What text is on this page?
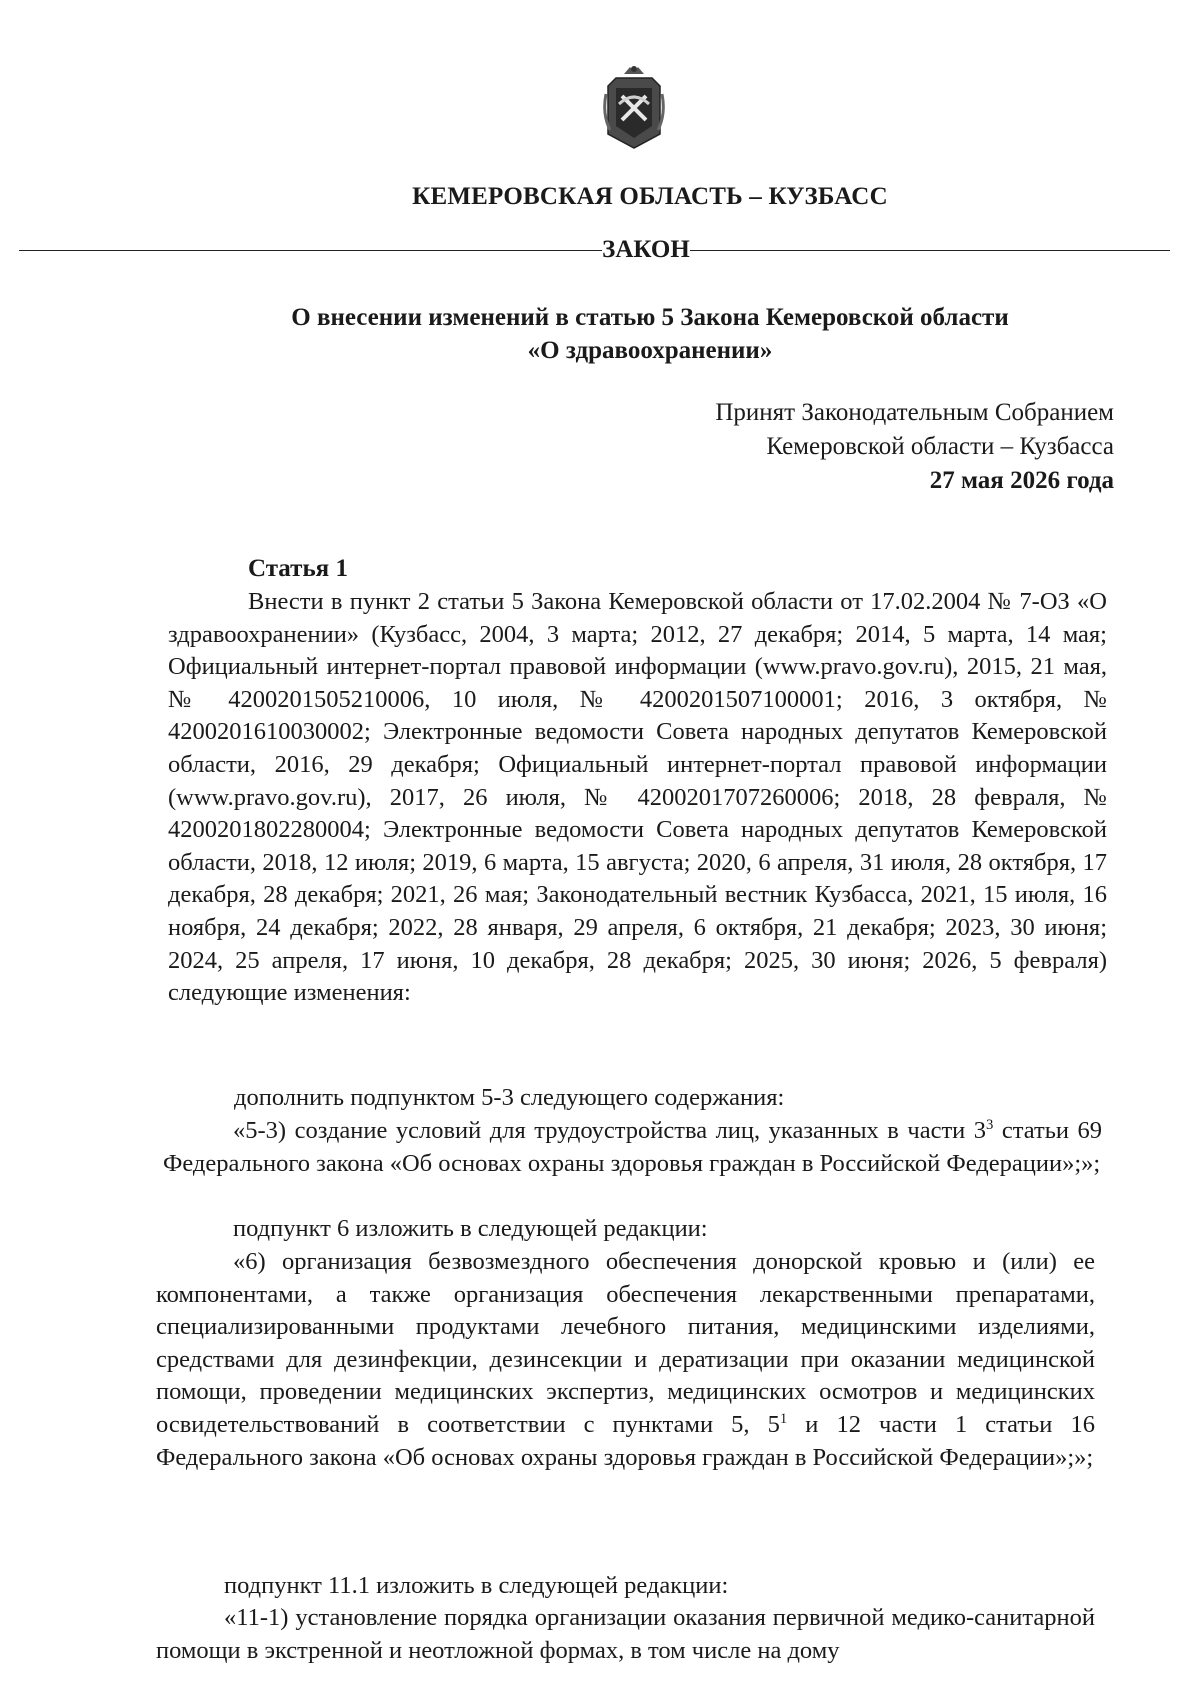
КЕМЕРОВСКАЯ ОБЛАСТЬ – КУЗБАСС
ЗАКОН
О внесении изменений в статью 5 Закона Кемеровской области
«О здравоохранении»
Принят Законодательным Собранием
Кемеровской области – Кузбасса
27 мая 2026 года
Статья 1
Внести в пункт 2 статьи 5 Закона Кемеровской области от 17.02.2004 № 7-ОЗ «О здравоохранении» (Кузбасс, 2004, 3 марта; 2012, 27 декабря; 2014, 5 марта, 14 мая; Официальный интернет-портал правовой информации (www.pravo.gov.ru), 2015, 21 мая, № 4200201505210006, 10 июля, № 4200201507100001; 2016, 3 октября, № 4200201610030002; Электронные ведомости Совета народных депутатов Кемеровской области, 2016, 29 декабря; Официальный интернет-портал правовой информации (www.pravo.gov.ru), 2017, 26 июля, № 4200201707260006; 2018, 28 февраля, № 4200201802280004; Электронные ведомости Совета народных депутатов Кемеровской области, 2018, 12 июля; 2019, 6 марта, 15 августа; 2020, 6 апреля, 31 июля, 28 октября, 17 декабря, 28 декабря; 2021, 26 мая; Законодательный вестник Кузбасса, 2021, 15 июля, 16 ноября, 24 декабря; 2022, 28 января, 29 апреля, 6 октября, 21 декабря; 2023, 30 июня; 2024, 25 апреля, 17 июня, 10 декабря, 28 декабря; 2025, 30 июня; 2026, 5 февраля) следующие изменения:
дополнить подпунктом 5-3 следующего содержания:
«5-3) создание условий для трудоустройства лиц, указанных в части $3^3$ статьи 69 Федерального закона «Об основах охраны здоровья граждан в Российской Федерации»;»;
подпункт 6 изложить в следующей редакции:
«6) организация безвозмездного обеспечения донорской кровью и (или) ее компонентами, а также организация обеспечения лекарственными препаратами, специализированными продуктами лечебного питания, медицинскими изделиями, средствами для дезинфекции, дезинсекции и дератизации при оказании медицинской помощи, проведении медицинских экспертиз, медицинских осмотров и медицинских освидетельствований в соответствии с пунктами 5, $5^1$ и 12 части 1 статьи 16 Федерального закона «Об основах охраны здоровья граждан в Российской Федерации»;»;
подпункт 11.1 изложить в следующей редакции:
«11-1) установление порядка организации оказания первичной медико-санитарной помощи в экстренной и неотложной формах, в том числе на дому
